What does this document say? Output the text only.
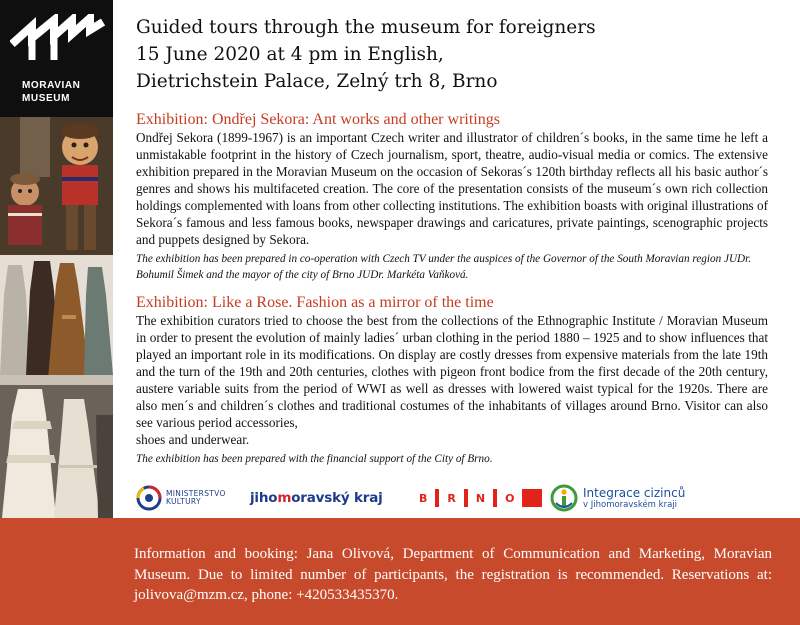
MORAVIAN
MUSEUM
Guided tours through the museum for foreigners
15 June 2020 at 4 pm in English,
Dietrichstein Palace, Zelný trh 8, Brno
Exhibition: Ondřej Sekora: Ant works and other writings

Ondřej Sekora (1899-1967) is an important Czech writer and illustrator of children´s books, in the same time he left a unmistakable footprint in the history of Czech journalism, sport, theatre, audio-visual media or comics. The extensive exhibition prepared in the Moravian Museum on the occasion of Sekoras´s 120th birthday reflects all his basic author´s genres and shows his multifaceted creation. The core of the presentation consists of the museum´s own rich collection holdings complemented with loans from other collecting institutions. The exhibition boasts with original illustrations of Sekora´s famous and less famous books, newspaper drawings and caricatures, private paintings, scenographic projects and puppets designed by Sekora.

The exhibition has been prepared in co-operation with Czech TV under the auspices of the Governor of the South Moravian region JUDr. Bohumil Šimek and the mayor of the city of Brno JUDr. Markéta Vaňková.

Exhibition: Like a Rose. Fashion as a mirror of the time

The exhibition curators tried to choose the best from the collections of the Ethnographic Institute / Moravian Museum in order to present the evolution of mainly ladies´ urban clothing in the period 1880 – 1925 and to show influences that played an important role in its modifications. On display are costly dresses from expensive materials from the late 19th and the turn of the 19th and 20th centuries, clothes with pigeon front bodice from the first decade of the 20th century, austere variable suits from the period of WWI as well as dresses with lowered waist typical for the 1920s. There are also men´s and children´s clothes and traditional costumes of the inhabitants of villages around Brno. Visitor can also see various period accessories,

shoes and underwear.

The exhibition has been prepared with the financial support of the City of Brno.

MINISTERSTVO
KULTURY	jihomoravský kraj	B R N O	Integrace cizinců
v Jihomoravském kraji

Information and booking: Jana Olivová, Department of Communication and Marketing, Moravian Museum. Due to limited number of participants, the registration is recommended. Reservations at: jolivova@mzm.cz, phone: +420533435370.
